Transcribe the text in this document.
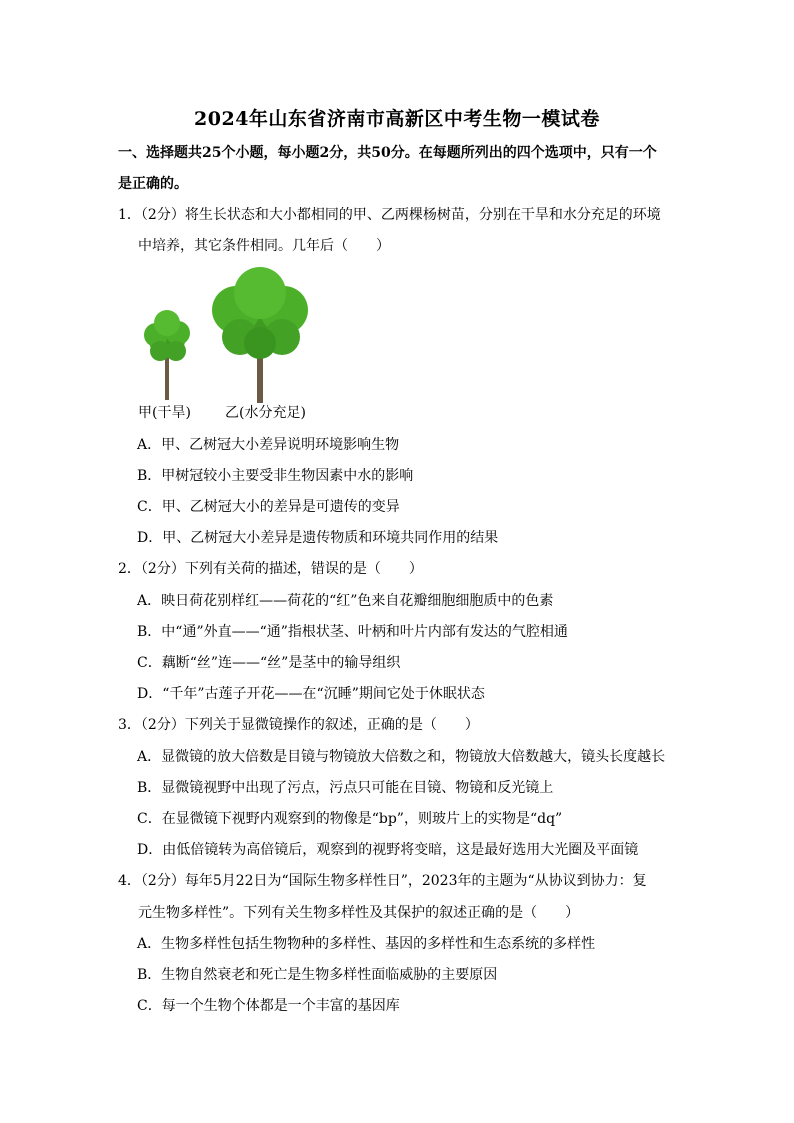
2024年山东省济南市高新区中考生物一模试卷
一、选择题共25个小题，每小题2分，共50分。在每题所列出的四个选项中，只有一个
是正确的。
1．（2分）将生长状态和大小都相同的甲、乙两棵杨树苗，分别在干旱和水分充足的环境
中培养，其它条件相同。几年后（　　）
甲(干旱) 乙(水分充足)
A．甲、乙树冠大小差异说明环境影响生物
B．甲树冠较小主要受非生物因素中水的影响
C．甲、乙树冠大小的差异是可遗传的变异
D．甲、乙树冠大小差异是遗传物质和环境共同作用的结果
2．（2分）下列有关荷的描述，错误的是（　　）
A．映日荷花别样红——荷花的“红”色来自花瓣细胞细胞质中的色素
B．中“通”外直——“通”指根状茎、叶柄和叶片内部有发达的气腔相通
C．藕断“丝”连——“丝”是茎中的输导组织
D．“千年”古莲子开花——在“沉睡”期间它处于休眠状态
3．（2分）下列关于显微镜操作的叙述，正确的是（　　）
A．显微镜的放大倍数是目镜与物镜放大倍数之和，物镜放大倍数越大，镜头长度越长
B．显微镜视野中出现了污点，污点只可能在目镜、物镜和反光镜上
C．在显微镜下视野内观察到的物像是“bp”，则玻片上的实物是“dq”
D．由低倍镜转为高倍镜后，观察到的视野将变暗，这是最好选用大光圈及平面镜
4．（2分）每年5月22日为“国际生物多样性日”，2023年的主题为“从协议到协力：复
元生物多样性”。下列有关生物多样性及其保护的叙述正确的是（　　）
A．生物多样性包括生物物种的多样性、基因的多样性和生态系统的多样性
B．生物自然衰老和死亡是生物多样性面临威胁的主要原因
C．每一个生物个体都是一个丰富的基因库
